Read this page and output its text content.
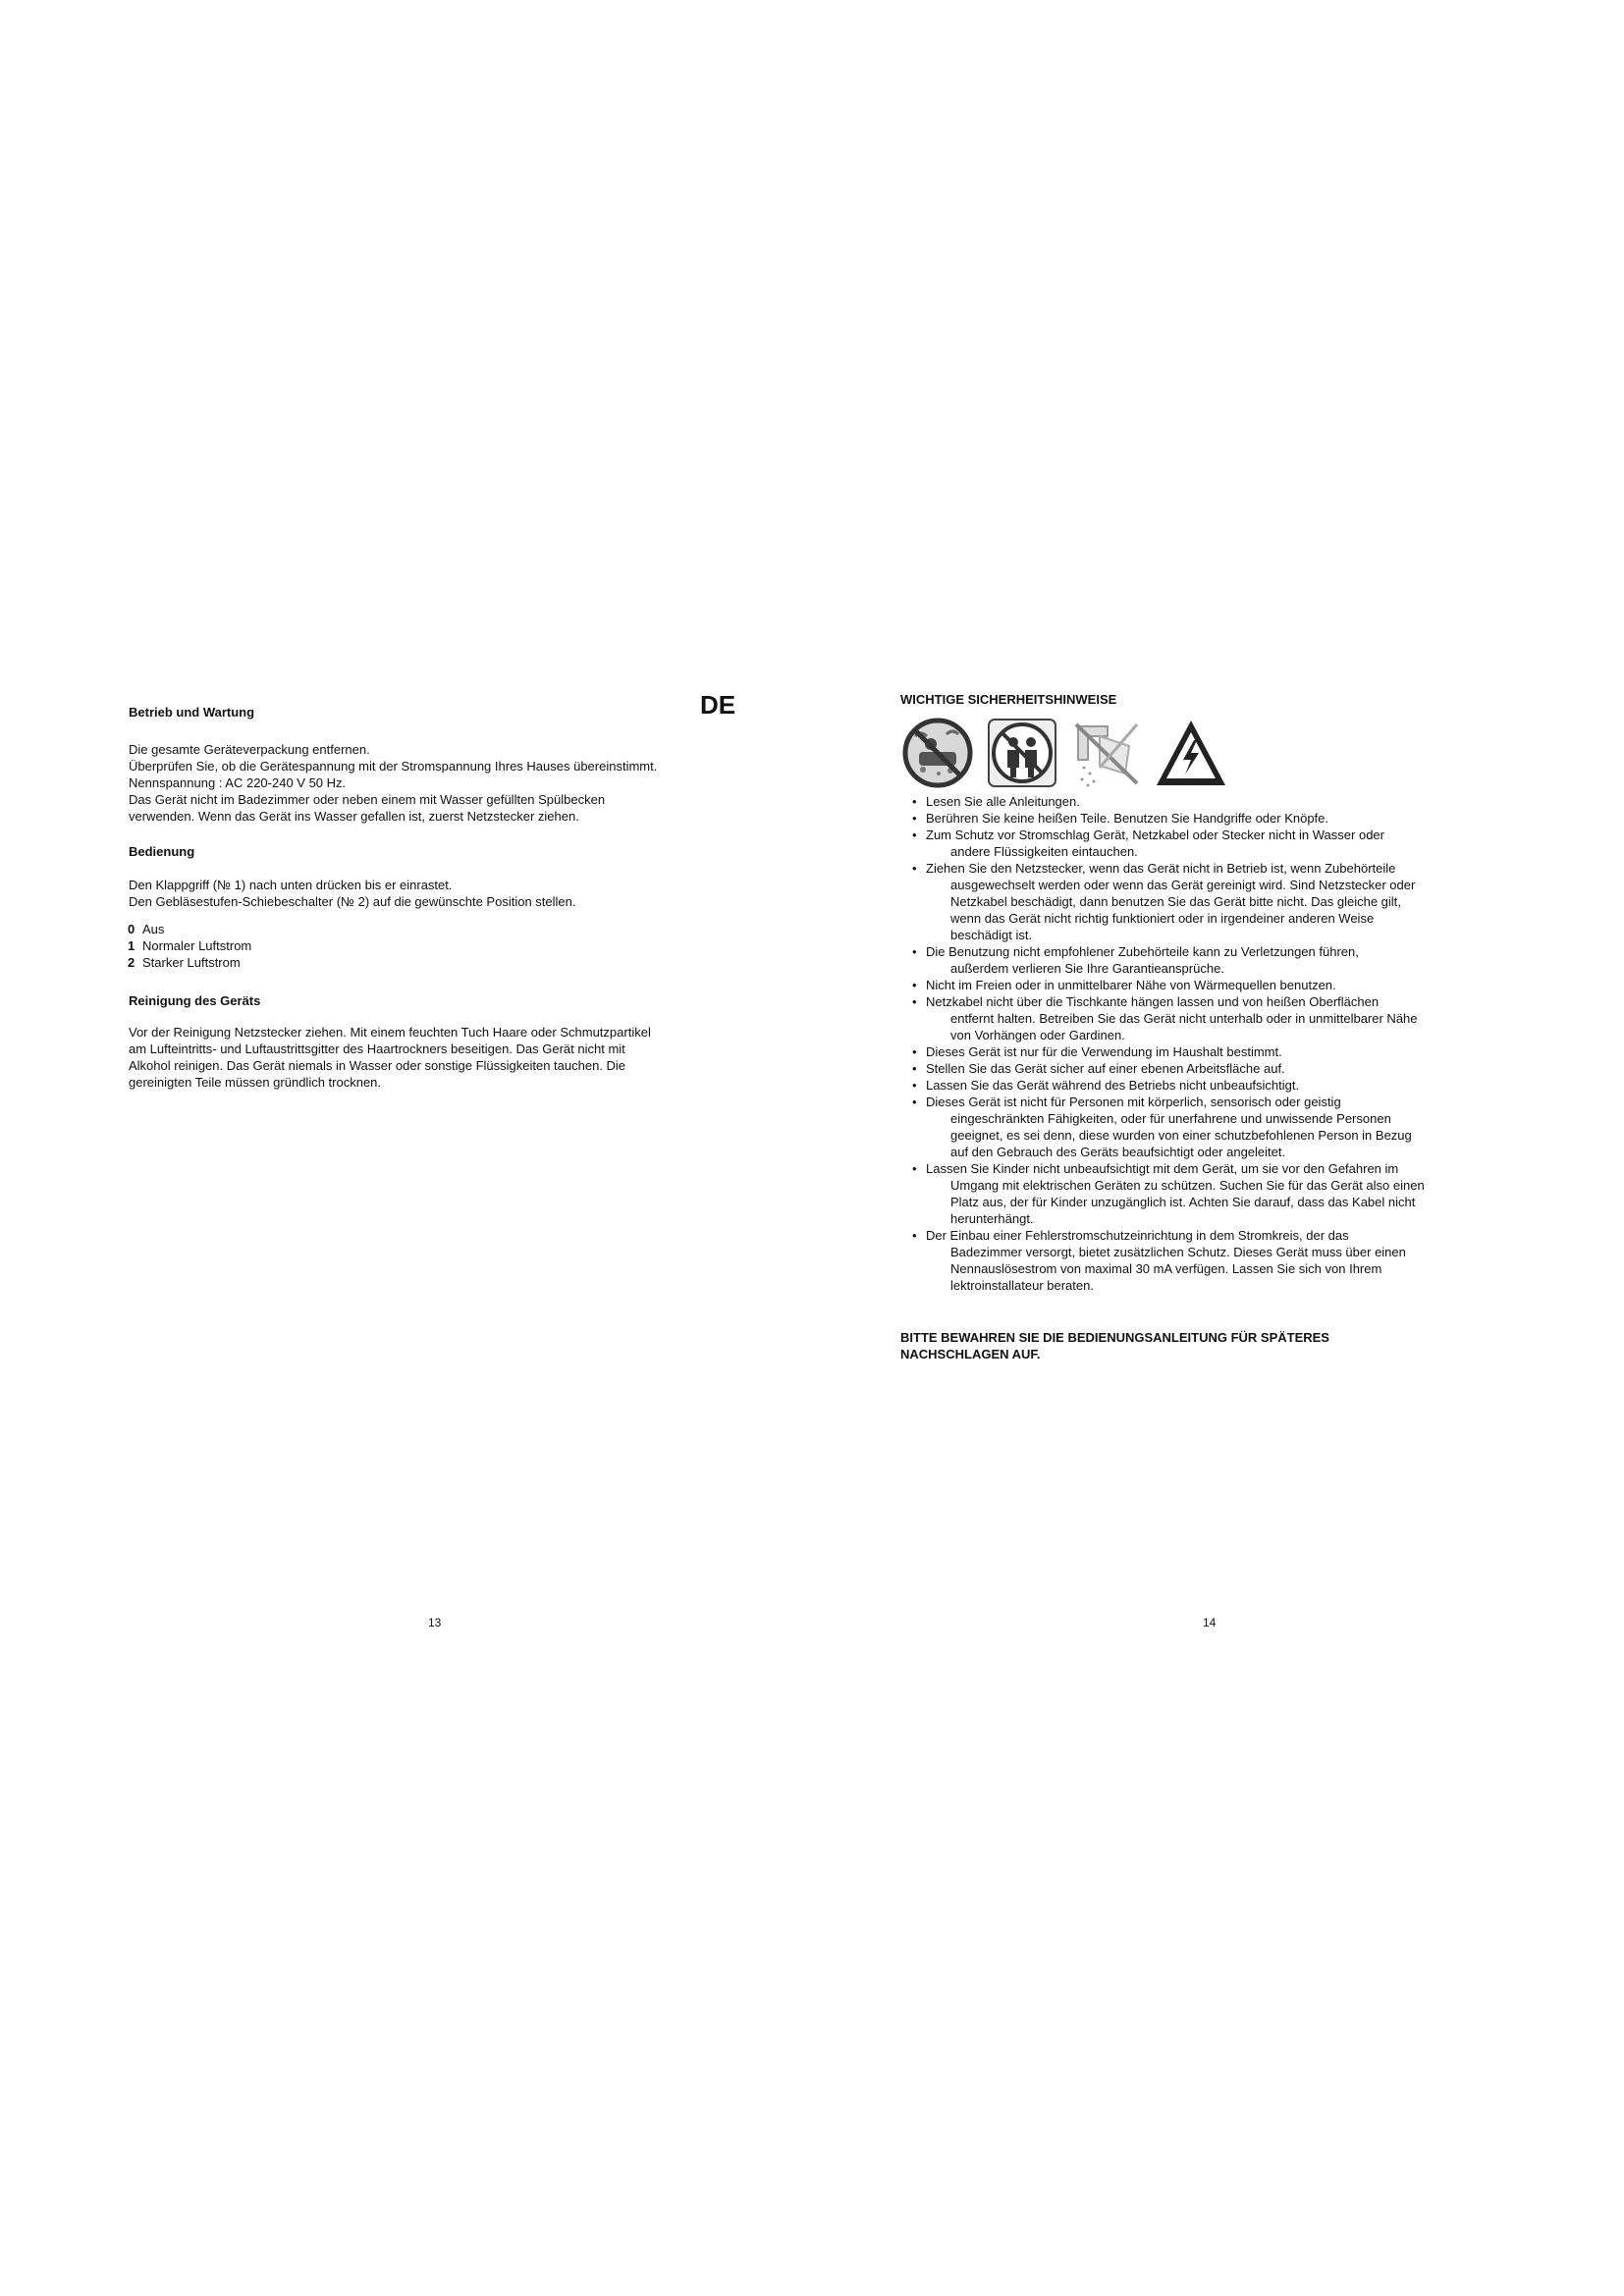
Betrieb und Wartung	DE
Die gesamte Geräteverpackung entfernen.
Überprüfen Sie, ob die Gerätespannung mit der Stromspannung Ihres Hauses übereinstimmt.
Nennspannung : AC 220-240 V 50 Hz.
Das Gerät nicht im Badezimmer oder neben einem mit Wasser gefüllten Spülbecken
verwenden. Wenn das Gerät ins Wasser gefallen ist, zuerst Netzstecker ziehen.
Bedienung
Den Klappgriff (№ 1) nach unten drücken bis er einrastet.
Den Gebläsestufen-Schiebeschalter (№ 2) auf die gewünschte Position stellen.
0 Aus
1 Normaler Luftstrom
2 Starker Luftstrom
Reinigung des Geräts
Vor der Reinigung Netzstecker ziehen. Mit einem feuchten Tuch Haare oder Schmutzpartikel
am Lufteintritts- und Luftaustrittsgitter des Haartrockners beseitigen. Das Gerät nicht mit
Alkohol reinigen. Das Gerät niemals in Wasser oder sonstige Flüssigkeiten tauchen. Die
gereinigten Teile müssen gründlich trocknen.
13
WICHTIGE SICHERHEITSHINWEISE
• Lesen Sie alle Anleitungen.
• Berühren Sie keine heißen Teile. Benutzen Sie Handgriffe oder Knöpfe.
• Zum Schutz vor Stromschlag Gerät, Netzkabel oder Stecker nicht in Wasser oder
andere Flüssigkeiten eintauchen.
• Ziehen Sie den Netzstecker, wenn das Gerät nicht in Betrieb ist, wenn Zubehörteile
ausgewechselt werden oder wenn das Gerät gereinigt wird. Sind Netzstecker oder
Netzkabel beschädigt, dann benutzen Sie das Gerät bitte nicht. Das gleiche gilt,
wenn das Gerät nicht richtig funktioniert oder in irgendeiner anderen Weise
beschädigt ist.
• Die Benutzung nicht empfohlener Zubehörteile kann zu Verletzungen führen,
außerdem verlieren Sie Ihre Garantieansprüche.
• Nicht im Freien oder in unmittelbarer Nähe von Wärmequellen benutzen.
• Netzkabel nicht über die Tischkante hängen lassen und von heißen Oberflächen
entfernt halten. Betreiben Sie das Gerät nicht unterhalb oder in unmittelbarer Nähe
von Vorhängen oder Gardinen.
• Dieses Gerät ist nur für die Verwendung im Haushalt bestimmt.
• Stellen Sie das Gerät sicher auf einer ebenen Arbeitsfläche auf.
• Lassen Sie das Gerät während des Betriebs nicht unbeaufsichtigt.
• Dieses Gerät ist nicht für Personen mit körperlich, sensorisch oder geistig
eingeschränkten Fähigkeiten, oder für unerfahrene und unwissende Personen
geeignet, es sei denn, diese wurden von einer schutzbefohlenen Person in Bezug
auf den Gebrauch des Geräts beaufsichtigt oder angeleitet.
• Lassen Sie Kinder nicht unbeaufsichtigt mit dem Gerät, um sie vor den Gefahren im
Umgang mit elektrischen Geräten zu schützen. Suchen Sie für das Gerät also einen
Platz aus, der für Kinder unzugänglich ist. Achten Sie darauf, dass das Kabel nicht
herunterhängt.
• Der Einbau einer Fehlerstromschutzeinrichtung in dem Stromkreis, der das
Badezimmer versorgt, bietet zusätzlichen Schutz. Dieses Gerät muss über einen
Nennauslösestrom von maximal 30 mA verfügen. Lassen Sie sich von Ihrem
lektroinstallateur beraten.
BITTE BEWAHREN SIE DIE BEDIENUNGSANLEITUNG FÜR SPÄTERES
NACHSCHLAGEN AUF.
14
